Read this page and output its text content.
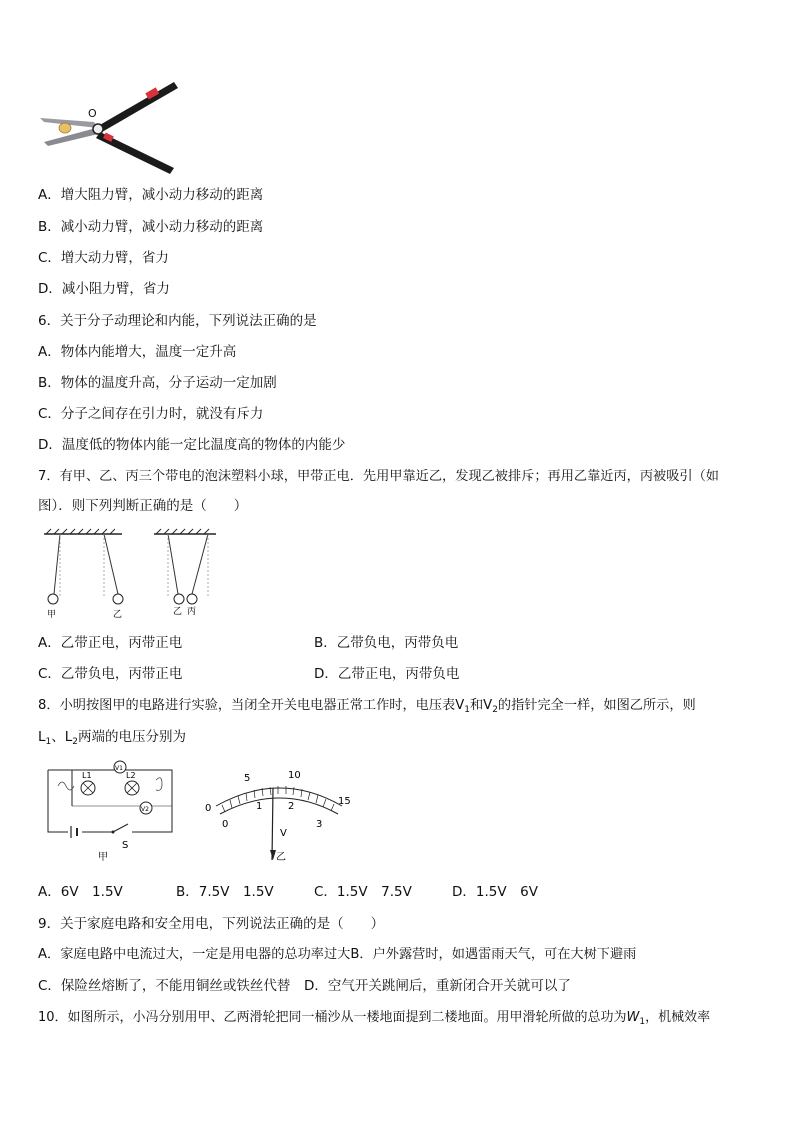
O
A．增大阻力臂，减小动力移动的距离
B．减小动力臂，减小动力移动的距离
C．增大动力臂，省力
D．减小阻力臂，省力
6．关于分子动理论和内能，下列说法正确的是
A．物体内能增大，温度一定升高
B．物体的温度升高，分子运动一定加剧
C．分子之间存在引力时，就没有斥力
D．温度低的物体内能一定比温度高的物体的内能少
7．有甲、乙、丙三个带电的泡沫塑料小球，甲带正电．先用甲靠近乙，发现乙被排斥；再用乙靠近丙，丙被吸引（如
图）．则下列判断正确的是（　　）
甲	乙	乙 丙
A．乙带正电，丙带正电	B．乙带负电，丙带负电
C．乙带负电，丙带正电	D．乙带正电，丙带负电
8．小明按图甲的电路进行实验，当闭全开关电电器正常工作时，电压表$V_1$和$V_2$的指针完全一样，如图乙所示，则
$L_1$、$L_2$两端的电压分别为
S
L1	L2
V1
V2
甲
0
5	10
15
0
1	2
3
V
乙
A．6V　1.5V	B．7.5V　1.5V	C．1.5V　7.5V	D．1.5V　6V
9．关于家庭电路和安全用电，下列说法正确的是（　　）
A．家庭电路中电流过大，一定是用电器的总功率过大B．户外露营时，如遇雷雨天气，可在大树下避雨
C．保险丝熔断了，不能用铜丝或铁丝代替　 D．空气开关跳闸后，重新闭合开关就可以了
10．如图所示，小冯分别用甲、乙两滑轮把同一桶沙从一楼地面提到二楼地面。用甲滑轮所做的总功为$W_1$，机械效率
